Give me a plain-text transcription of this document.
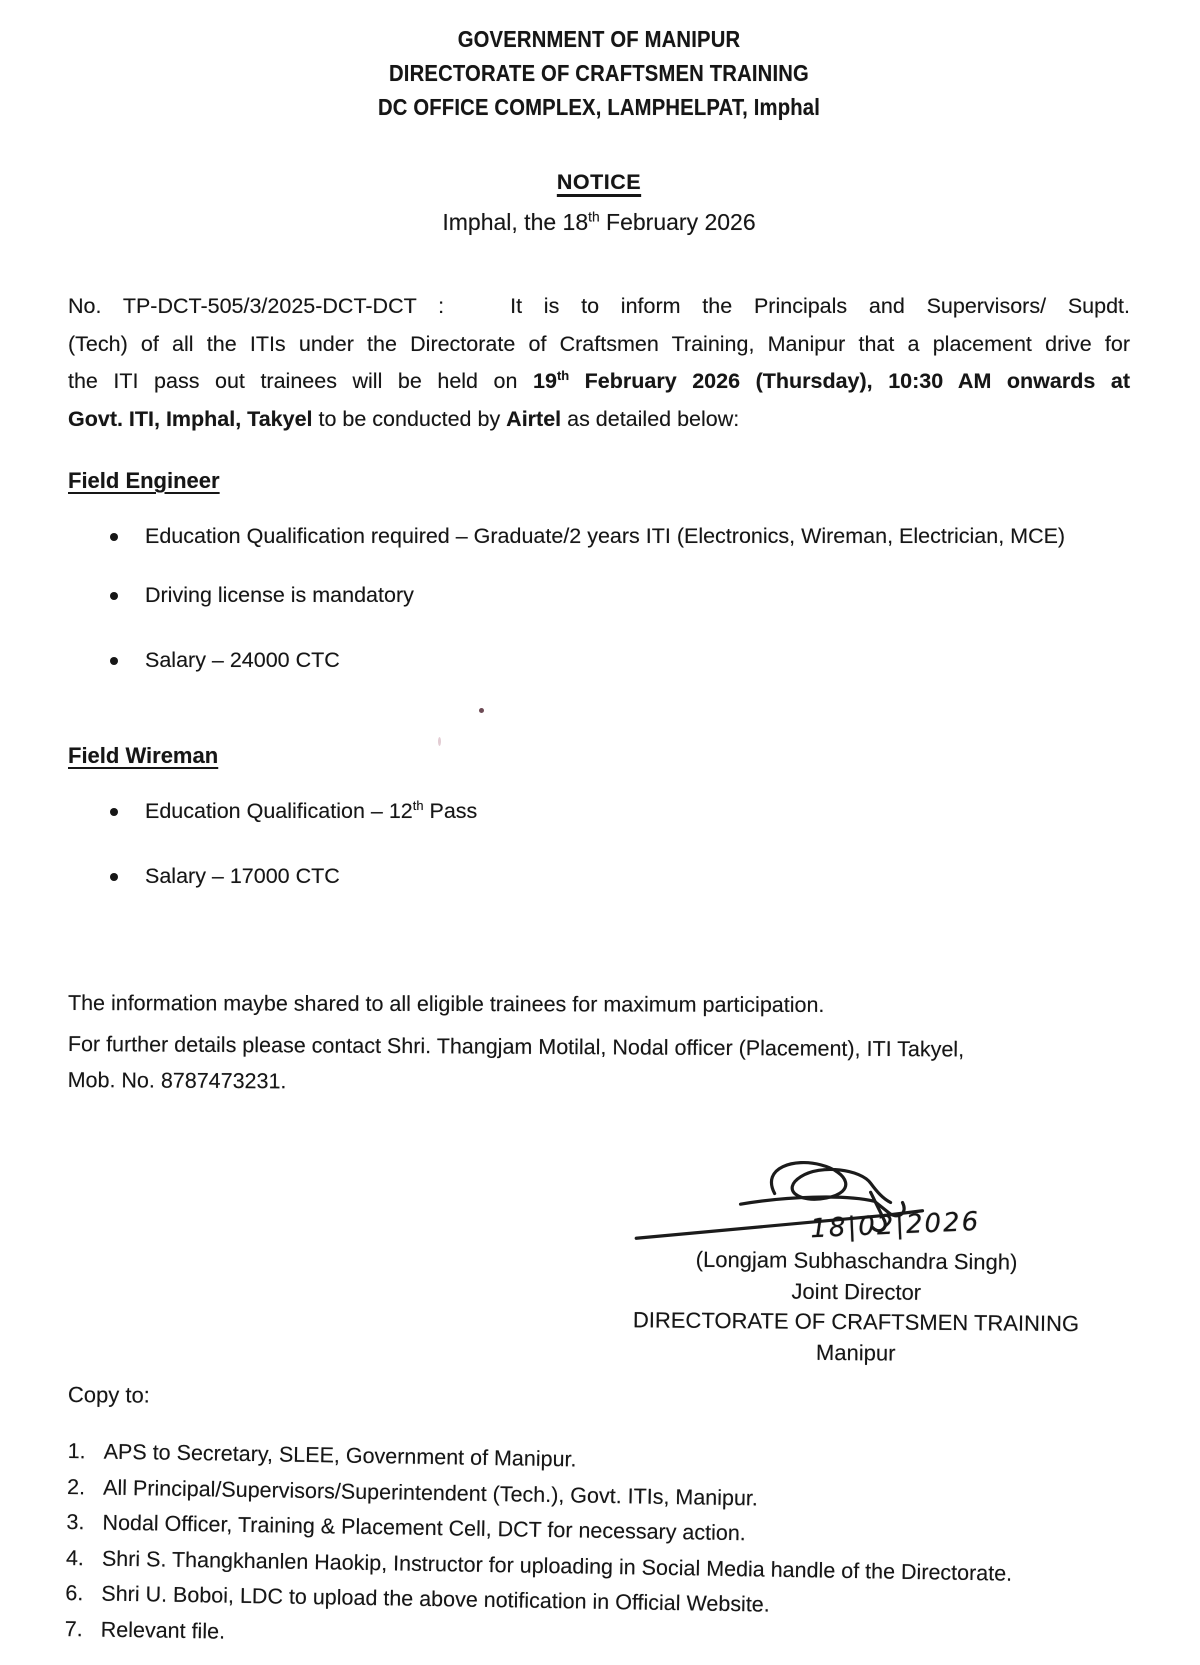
GOVERNMENT OF MANIPUR
DIRECTORATE OF CRAFTSMEN TRAINING
DC OFFICE COMPLEX, LAMPHELPAT, Imphal
NOTICE
Imphal, the 18th February 2026
No. TP-DCT-505/3/2025-DCT-DCT :	It is to inform the Principals and Supervisors/ Supdt.
(Tech) of all the ITIs under the Directorate of Craftsmen Training, Manipur that a placement drive for
the ITI pass out trainees will be held on 19th February 2026 (Thursday), 10:30 AM onwards at
Govt. ITI, Imphal, Takyel to be conducted by Airtel as detailed below:
Field Engineer
Education Qualification required – Graduate/2 years ITI (Electronics, Wireman, Electrician, MCE)
Driving license is mandatory
Salary – 24000 CTC
Field Wireman
Education Qualification – 12th Pass
Salary – 17000 CTC
The information maybe shared to all eligible trainees for maximum participation.
For further details please contact Shri. Thangjam Motilal, Nodal officer (Placement), ITI Takyel,
Mob. No. 8787473231.
18|02|2026
(Longjam Subhaschandra Singh)
Joint Director
DIRECTORATE OF CRAFTSMEN TRAINING
Manipur
Copy to:
1. APS to Secretary, SLEE, Government of Manipur.
2. All Principal/Supervisors/Superintendent (Tech.), Govt. ITIs, Manipur.
3. Nodal Officer, Training & Placement Cell, DCT for necessary action.
4. Shri S. Thangkhanlen Haokip, Instructor for uploading in Social Media handle of the Directorate.
6. Shri U. Boboi, LDC to upload the above notification in Official Website.
7. Relevant file.
